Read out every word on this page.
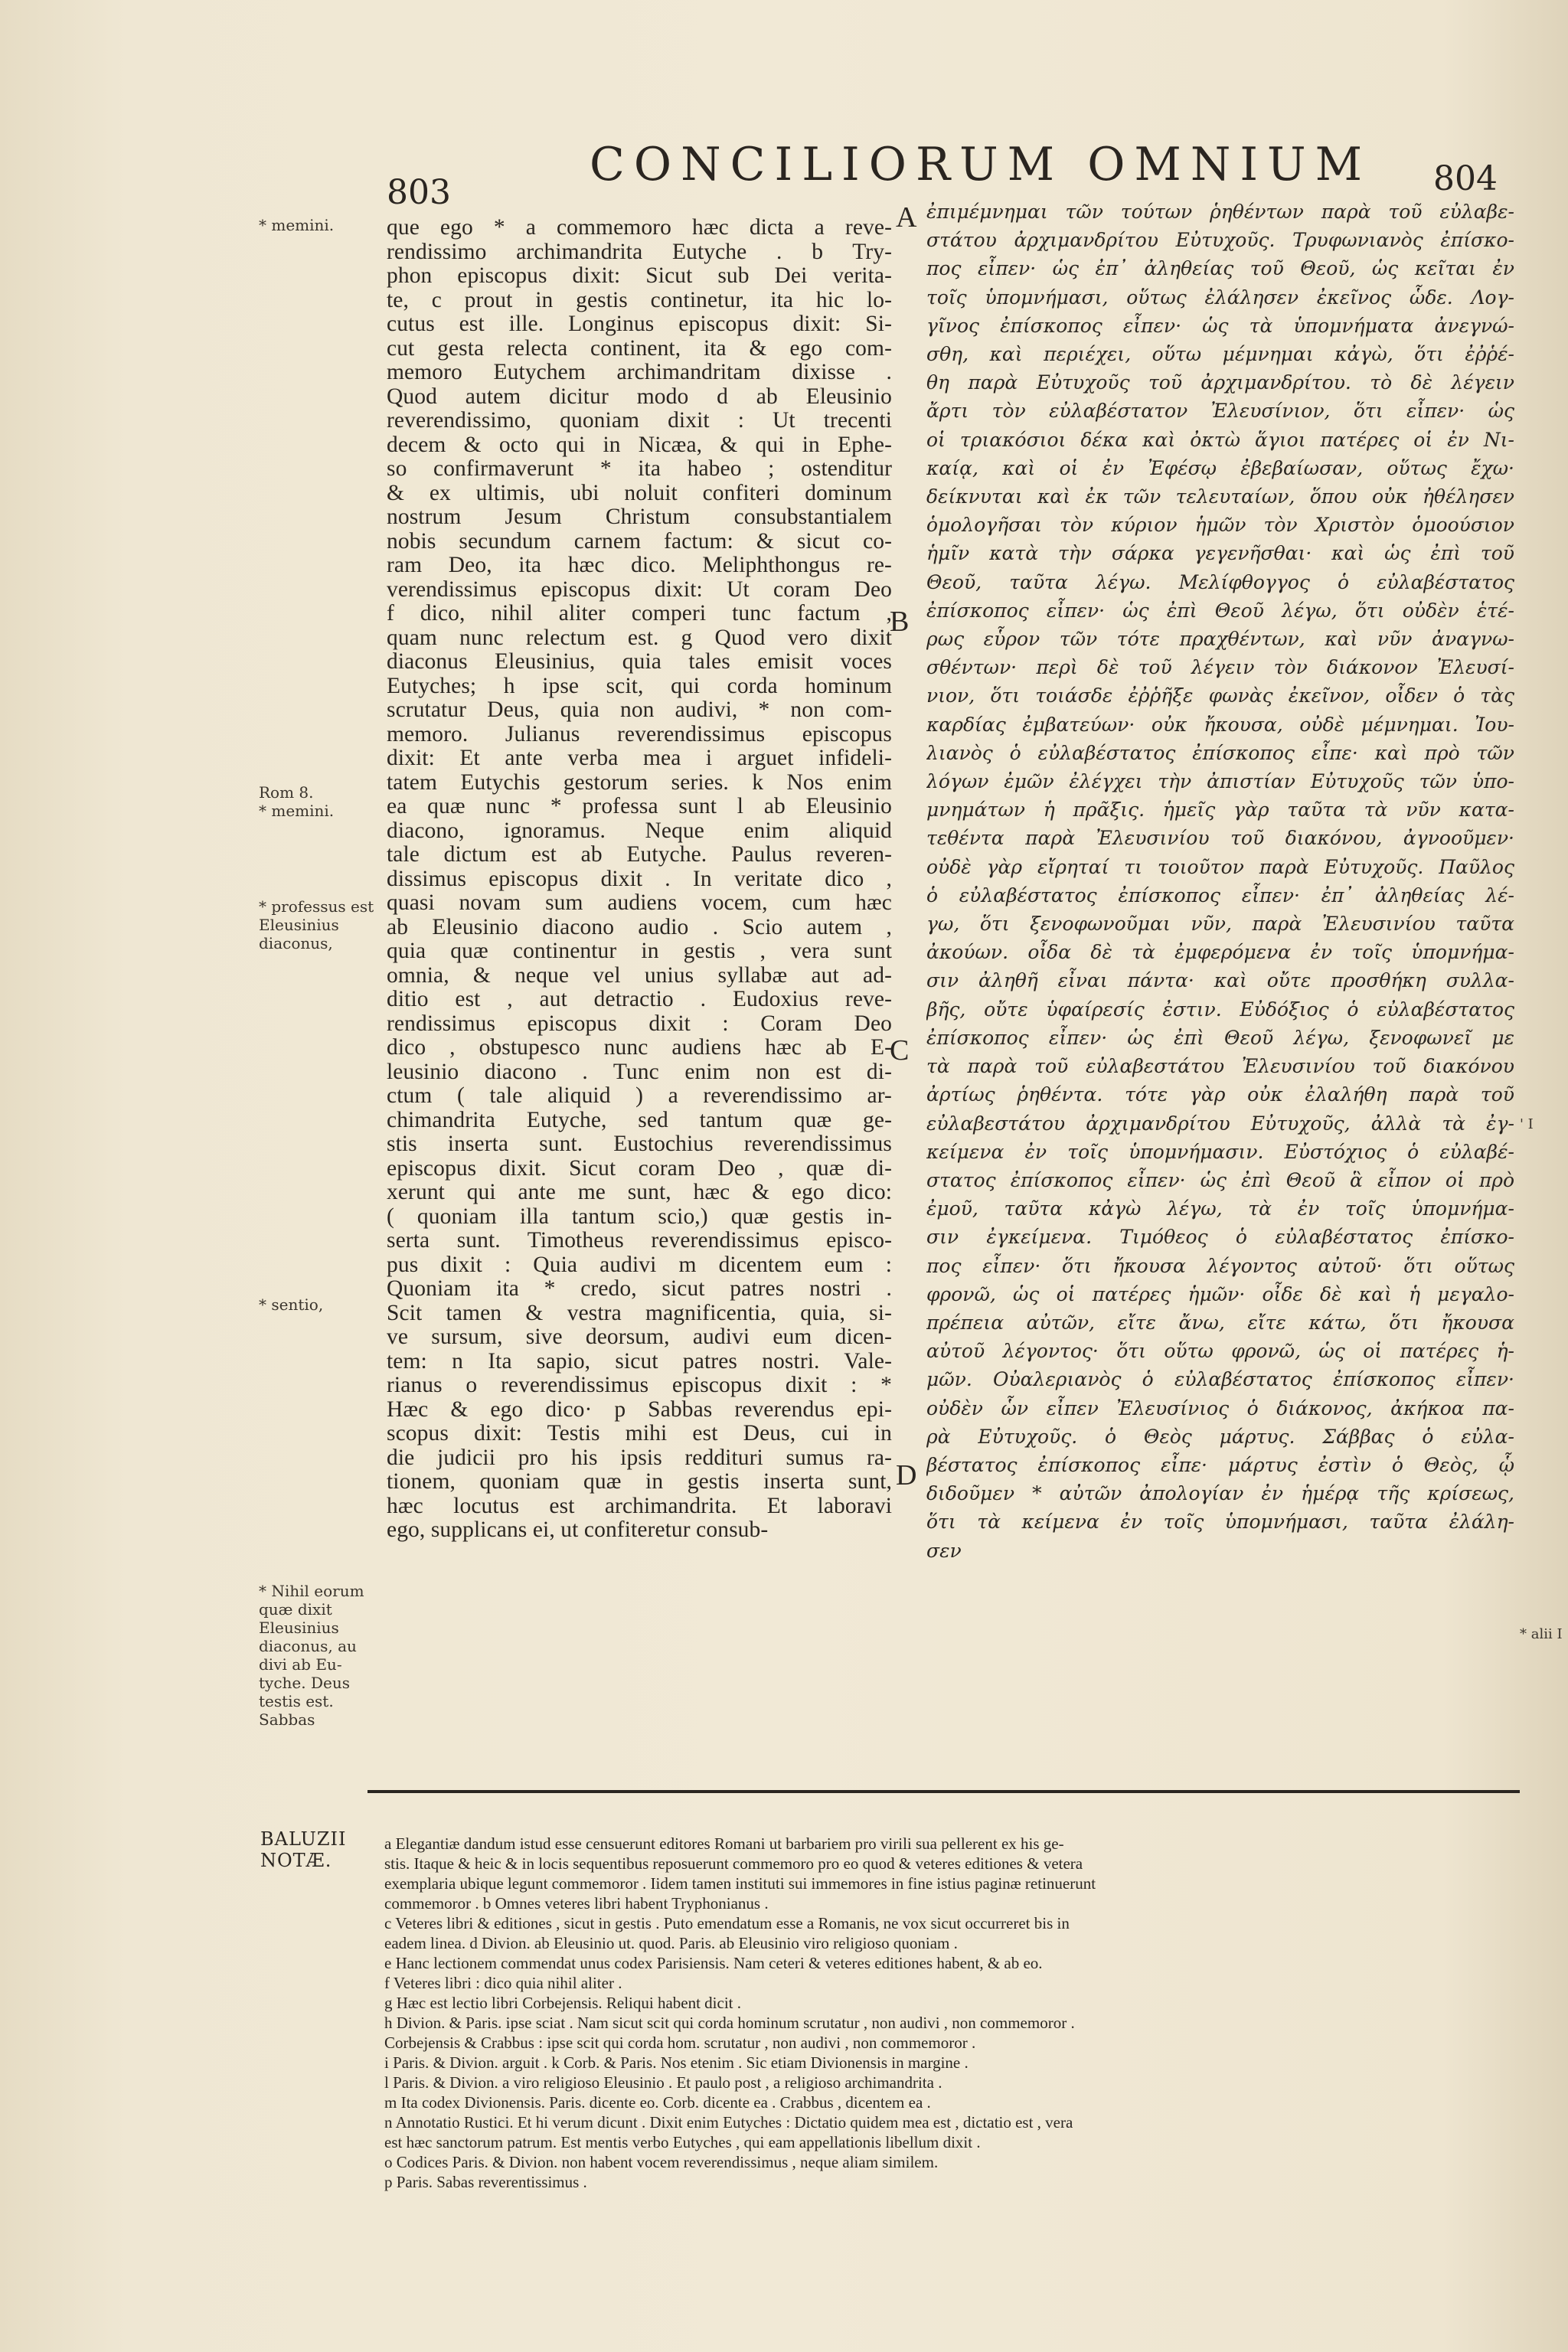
803
CONCILIORUM OMNIUM 804
* memini.
Rom 8.
* memini.
* professus est
Eleusinius
diaconus,
* sentio,
* Nihil eorum
quæ dixit
Eleusinius
diaconus, au
divi ab Eu-
tyche. Deus
testis est.
Sabbas
' I
* alii I
A
B
C
D
que ego * a commemoro hæc dicta a reve-
rendissimo archimandrita Eutyche . b Try-
phon episcopus dixit: Sicut sub Dei verita-
te, c prout in gestis continetur, ita hic lo-
cutus est ille. Longinus episcopus dixit: Si-
cut gesta relecta continent, ita & ego com-
memoro Eutychem archimandritam dixisse .
Quod autem dicitur modo d ab Eleusinio
reverendissimo, quoniam dixit : Ut trecenti
decem & octo qui in Nicæa, & qui in Ephe-
so confirmaverunt * ita habeo ; ostenditur
& ex ultimis, ubi noluit confiteri dominum
nostrum Jesum Christum consubstantialem
nobis secundum carnem factum: & sicut co-
ram Deo, ita hæc dico. Meliphthongus re-
verendissimus episcopus dixit: Ut coram Deo
f dico, nihil aliter comperi tunc factum ,
quam nunc relectum est. g Quod vero dixit
diaconus Eleusinius, quia tales emisit voces
Eutyches; h ipse scit, qui corda hominum
scrutatur Deus, quia non audivi, * non com-
memoro. Julianus reverendissimus episcopus
dixit: Et ante verba mea i arguet infideli-
tatem Eutychis gestorum series. k Nos enim
ea quæ nunc * professa sunt l ab Eleusinio
diacono, ignoramus. Neque enim aliquid
tale dictum est ab Eutyche. Paulus reveren-
dissimus episcopus dixit . In veritate dico ,
quasi novam sum audiens vocem, cum hæc
ab Eleusinio diacono audio . Scio autem ,
quia quæ continentur in gestis , vera sunt
omnia, & neque vel unius syllabæ aut ad-
ditio est , aut detractio . Eudoxius reve-
rendissimus episcopus dixit : Coram Deo
dico , obstupesco nunc audiens hæc ab E-
leusinio diacono . Tunc enim non est di-
ctum ( tale aliquid ) a reverendissimo ar-
chimandrita Eutyche, sed tantum quæ ge-
stis inserta sunt. Eustochius reverendissimus
episcopus dixit. Sicut coram Deo , quæ di-
xerunt qui ante me sunt, hæc & ego dico:
( quoniam illa tantum scio,) quæ gestis in-
serta sunt. Timotheus reverendissimus episco-
pus dixit : Quia audivi m dicentem eum :
Quoniam ita * credo, sicut patres nostri .
Scit tamen & vestra magnificentia, quia, si-
ve sursum, sive deorsum, audivi eum dicen-
tem: n Ita sapio, sicut patres nostri. Vale-
rianus o reverendissimus episcopus dixit : *
Hæc & ego dico· p Sabbas reverendus epi-
scopus dixit: Testis mihi est Deus, cui in
die judicii pro his ipsis reddituri sumus ra-
tionem, quoniam quæ in gestis inserta sunt,
hæc locutus est archimandrita. Et laboravi
ego, supplicans ei, ut confiteretur consub-
ἐπιμέμνημαι τῶν τούτων ῥηθέντων παρὰ τοῦ εὐλαβε-
στάτου ἀρχιμανδρίτου Εὐτυχοῦς. Τρυφωνιανὸς ἐπίσκο-
πος εἶπεν· ὡς ἐπ᾽ ἀληθείας τοῦ Θεοῦ, ὡς κεῖται ἐν
τοῖς ὑπομνήμασι, οὕτως ἐλάλησεν ἐκεῖνος ὧδε. Λογ-
γῖνος ἐπίσκοπος εἶπεν· ὡς τὰ ὑπομνήματα ἀνεγνώ-
σθη, καὶ περιέχει, οὕτω μέμνημαι κἀγὼ, ὅτι ἐῤῥέ-
θη παρὰ Εὐτυχοῦς τοῦ ἀρχιμανδρίτου. τὸ δὲ λέγειν
ἄρτι τὸν εὐλαβέστατον Ἐλευσίνιον, ὅτι εἶπεν· ὡς
οἱ τριακόσιοι δέκα καὶ ὀκτὼ ἅγιοι πατέρες οἱ ἐν Νι-
καίᾳ, καὶ οἱ ἐν Ἐφέσῳ ἐβεβαίωσαν, οὕτως ἔχω·
δείκνυται καὶ ἐκ τῶν τελευταίων, ὅπου οὐκ ἠθέλησεν
ὁμολογῆσαι τὸν κύριον ἡμῶν τὸν Χριστὸν ὁμοούσιον
ἡμῖν κατὰ τὴν σάρκα γεγενῆσθαι· καὶ ὡς ἐπὶ τοῦ
Θεοῦ, ταῦτα λέγω. Μελίφθογγος ὁ εὐλαβέστατος
ἐπίσκοπος εἶπεν· ὡς ἐπὶ Θεοῦ λέγω, ὅτι οὐδὲν ἑτέ-
ρως εὗρον τῶν τότε πραχθέντων, καὶ νῦν ἀναγνω-
σθέντων· περὶ δὲ τοῦ λέγειν τὸν διάκονον Ἐλευσί-
νιον, ὅτι τοιάσδε ἐῤῥῆξε φωνὰς ἐκεῖνον, οἶδεν ὁ τὰς
καρδίας ἐμβατεύων· οὐκ ἤκουσα, οὐδὲ μέμνημαι. Ἰου-
λιανὸς ὁ εὐλαβέστατος ἐπίσκοπος εἶπε· καὶ πρὸ τῶν
λόγων ἐμῶν ἐλέγχει τὴν ἀπιστίαν Εὐτυχοῦς τῶν ὑπο-
μνημάτων ἡ πρᾶξις. ἡμεῖς γὰρ ταῦτα τὰ νῦν κατα-
τεθέντα παρὰ Ἐλευσινίου τοῦ διακόνου, ἀγνοοῦμεν·
οὐδὲ γὰρ εἴρηταί τι τοιοῦτον παρὰ Εὐτυχοῦς. Παῦλος
ὁ εὐλαβέστατος ἐπίσκοπος εἶπεν· ἐπ᾽ ἀληθείας λέ-
γω, ὅτι ξενοφωνοῦμαι νῦν, παρὰ Ἐλευσινίου ταῦτα
ἀκούων. οἶδα δὲ τὰ ἐμφερόμενα ἐν τοῖς ὑπομνήμα-
σιν ἀληθῆ εἶναι πάντα· καὶ οὔτε προσθήκη συλλα-
βῆς, οὔτε ὑφαίρεσίς ἐστιν. Εὐδόξιος ὁ εὐλαβέστατος
ἐπίσκοπος εἶπεν· ὡς ἐπὶ Θεοῦ λέγω, ξενοφωνεῖ με
τὰ παρὰ τοῦ εὐλαβεστάτου Ἐλευσινίου τοῦ διακόνου
ἀρτίως ῥηθέντα. τότε γὰρ οὐκ ἐλαλήθη παρὰ τοῦ
εὐλαβεστάτου ἀρχιμανδρίτου Εὐτυχοῦς, ἀλλὰ τὰ ἐγ-
κείμενα ἐν τοῖς ὑπομνήμασιν. Εὐστόχιος ὁ εὐλαβέ-
στατος ἐπίσκοπος εἶπεν· ὡς ἐπὶ Θεοῦ ἃ εἶπον οἱ πρὸ
ἐμοῦ, ταῦτα κἀγὼ λέγω, τὰ ἐν τοῖς ὑπομνήμα-
σιν ἐγκείμενα. Τιμόθεος ὁ εὐλαβέστατος ἐπίσκο-
πος εἶπεν· ὅτι ἤκουσα λέγοντος αὐτοῦ· ὅτι οὕτως
φρονῶ, ὡς οἱ πατέρες ἡμῶν· οἶδε δὲ καὶ ἡ μεγαλο-
πρέπεια αὐτῶν, εἴτε ἄνω, εἴτε κάτω, ὅτι ἤκουσα
αὐτοῦ λέγοντος· ὅτι οὕτω φρονῶ, ὡς οἱ πατέρες ἡ-
μῶν. Οὐαλεριανὸς ὁ εὐλαβέστατος ἐπίσκοπος εἶπεν·
οὐδὲν ὧν εἶπεν Ἐλευσίνιος ὁ διάκονος, ἀκήκοα πα-
ρὰ Εὐτυχοῦς. ὁ Θεὸς μάρτυς. Σάββας ὁ εὐλα-
βέστατος ἐπίσκοπος εἶπε· μάρτυς ἐστὶν ὁ Θεὸς, ᾧ
διδοῦμεν * αὐτῶν ἀπολογίαν ἐν ἡμέρᾳ τῆς κρίσεως,
ὅτι τὰ κείμενα ἐν τοῖς ὑπομνήμασι, ταῦτα ἐλάλη-
σεν
BALUZII
NOTÆ.
a Elegantiæ dandum istud esse censuerunt editores Romani ut barbariem pro virili sua pellerent ex his ge-
stis. Itaque & heic & in locis sequentibus reposuerunt commemoro pro eo quod & veteres editiones & vetera
exemplaria ubique legunt commemoror . Iidem tamen instituti sui immemores in fine istius paginæ retinuerunt
commemoror . b Omnes veteres libri habent Tryphonianus .
c Veteres libri & editiones , sicut in gestis . Puto emendatum esse a Romanis, ne vox sicut occurreret bis in
eadem linea. d Divion. ab Eleusinio ut. quod. Paris. ab Eleusinio viro religioso quoniam .
e Hanc lectionem commendat unus codex Parisiensis. Nam ceteri & veteres editiones habent, & ab eo.
f Veteres libri : dico quia nihil aliter .
g Hæc est lectio libri Corbejensis. Reliqui habent dicit .
h Divion. & Paris. ipse sciat . Nam sicut scit qui corda hominum scrutatur , non audivi , non commemoror .
Corbejensis & Crabbus : ipse scit qui corda hom. scrutatur , non audivi , non commemoror .
i Paris. & Divion. arguit . k Corb. & Paris. Nos etenim . Sic etiam Divionensis in margine .
l Paris. & Divion. a viro religioso Eleusinio . Et paulo post , a religioso archimandrita .
m Ita codex Divionensis. Paris. dicente eo. Corb. dicente ea . Crabbus , dicentem ea .
n Annotatio Rustici. Et hi verum dicunt . Dixit enim Eutyches : Dictatio quidem mea est , dictatio est , vera
est hæc sanctorum patrum. Est mentis verbo Eutyches , qui eam appellationis libellum dixit .
o Codices Paris. & Divion. non habent vocem reverendissimus , neque aliam similem.
p Paris. Sabas reverentissimus .
